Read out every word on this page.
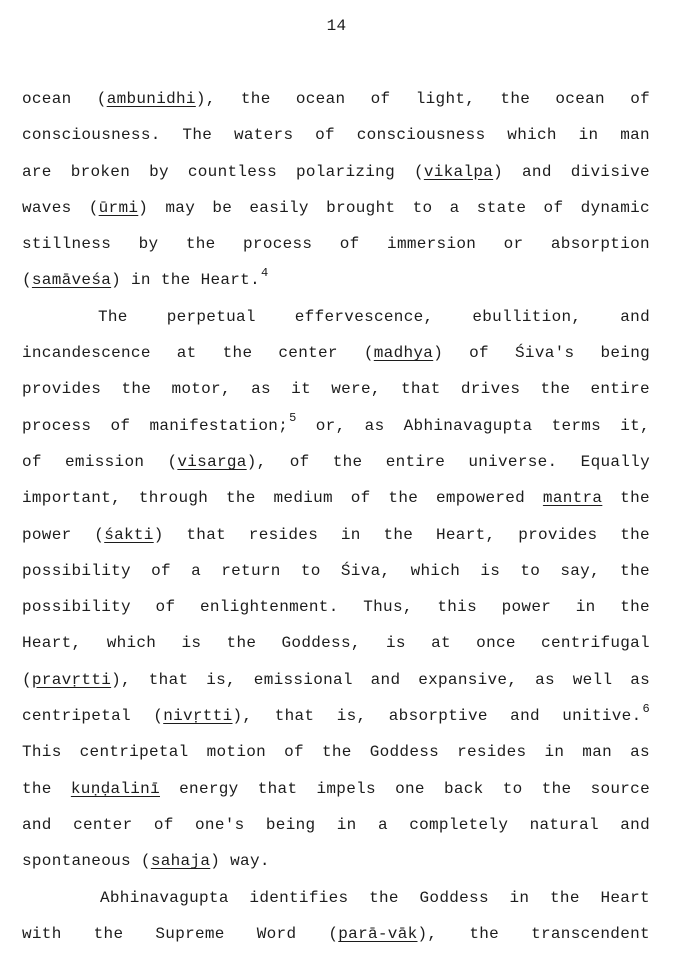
14
ocean (ambunidhi), the ocean of light, the ocean of
consciousness. The waters of consciousness which in man
are broken by countless polarizing (vikalpa) and divisive
waves (ūrmi) may be easily brought to a state of dynamic
stillness by the process of immersion or absorption
(samāveśa) in the Heart.$^4$
The perpetual effervescence, ebullition, and
incandescence at the center (madhya) of Śiva's being
provides the motor, as it were, that drives the entire
process of manifestation;$^5$ or, as Abhinavagupta terms it,
of emission (visarga), of the entire universe. Equally
important, through the medium of the empowered mantra the
power (śakti) that resides in the Heart, provides the
possibility of a return to Śiva, which is to say, the
possibility of enlightenment. Thus, this power in the
Heart, which is the Goddess, is at once centrifugal
(pravṛtti), that is, emissional and expansive, as well as
centripetal (nivṛtti), that is, absorptive and unitive.$^6$
This centripetal motion of the Goddess resides in man as
the kuṇḍalinī energy that impels one back to the source
and center of one's being in a completely natural and
spontaneous (sahaja) way.
Abhinavagupta identifies the Goddess in the Heart
with the Supreme Word (parā-vāk), the transcendent
